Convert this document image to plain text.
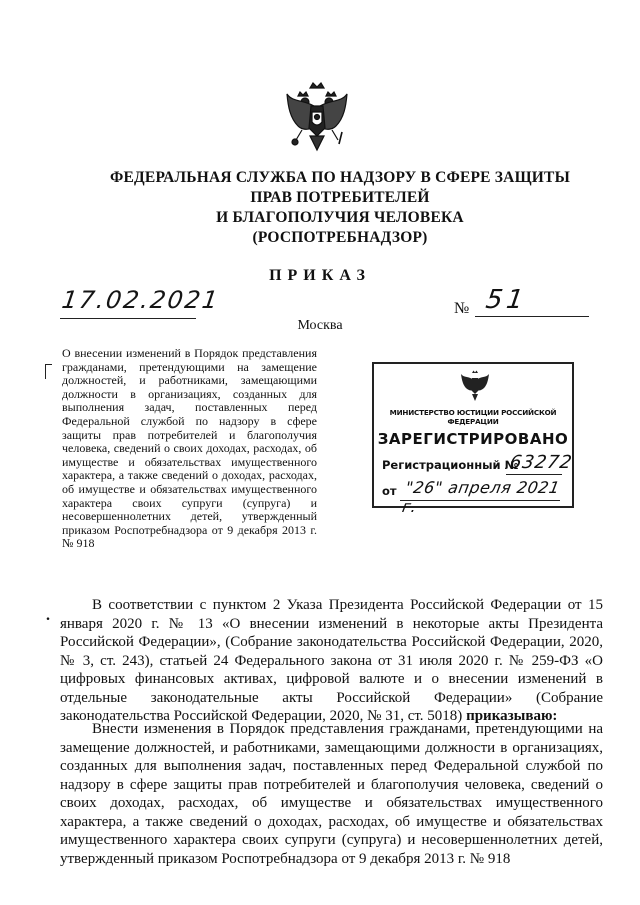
ФЕДЕРАЛЬНАЯ СЛУЖБА ПО НАДЗОРУ В СФЕРЕ ЗАЩИТЫ
ПРАВ ПОТРЕБИТЕЛЕЙ
И БЛАГОПОЛУЧИЯ ЧЕЛОВЕКА
(РОСПОТРЕБНАДЗОР)
ПРИКАЗ
17.02.2021	№ 51
Москва
О внесении изменений в Порядок представления гражданами, претендующими на замещение должностей, и работниками, замещающими должности в организациях, созданных для выполнения задач, поставленных перед Федеральной службой по надзору в сфере защиты прав потребителей и благополучия человека, сведений о своих доходах, расходах, об имуществе и обязательствах имущественного характера, а также сведений о доходах, расходах, об имуществе и обязательствах имущественного характера своих супруги (супруга) и несовершеннолетних детей, утвержденный приказом Роспотребнадзора от 9 декабря 2013 г. № 918
МИНИСТЕРСТВО ЮСТИЦИИ РОССИЙСКОЙ ФЕДЕРАЦИИ
ЗАРЕГИСТРИРОВАНО
Регистрационный №
63272
от "26" апреля 2021 г.
.

В соответствии с пунктом 2 Указа Президента Российской Федерации от 15 января 2020 г. № 13 «О внесении изменений в некоторые акты Президента Российской Федерации», (Собрание законодательства Российской Федерации, 2020, № 3, ст. 243), статьей 24 Федерального закона от 31 июля 2020 г. № 259-ФЗ «О цифровых финансовых активах, цифровой валюте и о внесении изменений в отдельные законодательные акты Российской Федерации» (Собрание законодательства Российской Федерации, 2020, № 31, ст. 5018) приказываю:

Внести изменения в Порядок представления гражданами, претендующими на замещение должностей, и работниками, замещающими должности в организациях, созданных для выполнения задач, поставленных перед Федеральной службой по надзору в сфере защиты прав потребителей и благополучия человека, сведений о своих доходах, расходах, об имуществе и обязательствах имущественного характера, а также сведений о доходах, расходах, об имуществе и обязательствах имущественного характера своих супруги (супруга) и несовершеннолетних детей, утвержденный приказом Роспотребнадзора от 9 декабря 2013 г. № 918
